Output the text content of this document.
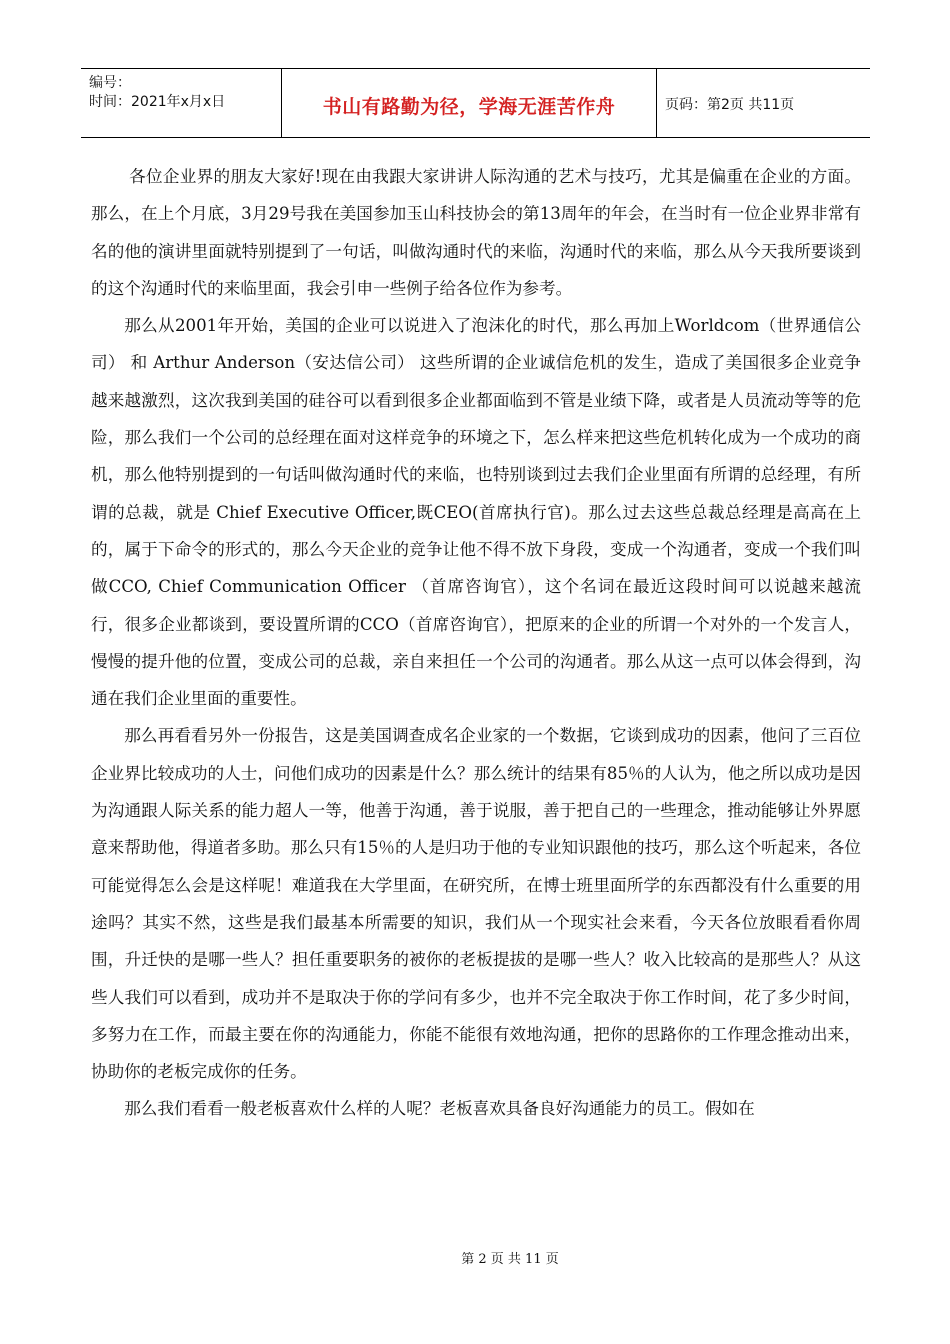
编号：
时间：2021年x月x日	书山有路勤为径，学海无涯苦作舟	页码：第2页 共11页

各位企业界的朋友大家好!现在由我跟大家讲讲人际沟通的艺术与技巧，尤其是偏重在企业的方面。那么，在上个月底，3月29号我在美国参加玉山科技协会的第13周年的年会，在当时有一位企业界非常有名的他的演讲里面就特别提到了一句话，叫做沟通时代的来临，沟通时代的来临，那么从今天我所要谈到的这个沟通时代的来临里面，我会引申一些例子给各位作为参考。

那么从2001年开始，美国的企业可以说进入了泡沫化的时代，那么再加上Worldcom（世界通信公司） 和 Arthur Anderson（安达信公司） 这些所谓的企业诚信危机的发生，造成了美国很多企业竞争越来越激烈，这次我到美国的硅谷可以看到很多企业都面临到不管是业绩下降，或者是人员流动等等的危险，那么我们一个公司的总经理在面对这样竞争的环境之下，怎么样来把这些危机转化成为一个成功的商机，那么他特别提到的一句话叫做沟通时代的来临，也特别谈到过去我们企业里面有所谓的总经理，有所谓的总裁，就是 Chief Executive Officer,既CEO(首席执行官)。那么过去这些总裁总经理是高高在上的，属于下命令的形式的，那么今天企业的竞争让他不得不放下身段，变成一个沟通者，变成一个我们叫做CCO, Chief Communication Officer （首席咨询官），这个名词在最近这段时间可以说越来越流行，很多企业都谈到，要设置所谓的CCO（首席咨询官），把原来的企业的所谓一个对外的一个发言人，慢慢的提升他的位置，变成公司的总裁，亲自来担任一个公司的沟通者。那么从这一点可以体会得到，沟通在我们企业里面的重要性。

那么再看看另外一份报告，这是美国调查成名企业家的一个数据，它谈到成功的因素，他问了三百位企业界比较成功的人士，问他们成功的因素是什么？那么统计的结果有85％的人认为，他之所以成功是因为沟通跟人际关系的能力超人一等，他善于沟通，善于说服，善于把自己的一些理念，推动能够让外界愿意来帮助他，得道者多助。那么只有15％的人是归功于他的专业知识跟他的技巧，那么这个听起来，各位可能觉得怎么会是这样呢！难道我在大学里面，在研究所，在博士班里面所学的东西都没有什么重要的用途吗？其实不然，这些是我们最基本所需要的知识，我们从一个现实社会来看，今天各位放眼看看你周围，升迁快的是哪一些人？担任重要职务的被你的老板提拔的是哪一些人？收入比较高的是那些人？从这些人我们可以看到，成功并不是取决于你的学问有多少，也并不完全取决于你工作时间，花了多少时间，多努力在工作，而最主要在你的沟通能力，你能不能很有效地沟通，把你的思路你的工作理念推动出来，协助你的老板完成你的任务。

那么我们看看一般老板喜欢什么样的人呢？老板喜欢具备良好沟通能力的员工。假如在

第 2 页 共 11 页
